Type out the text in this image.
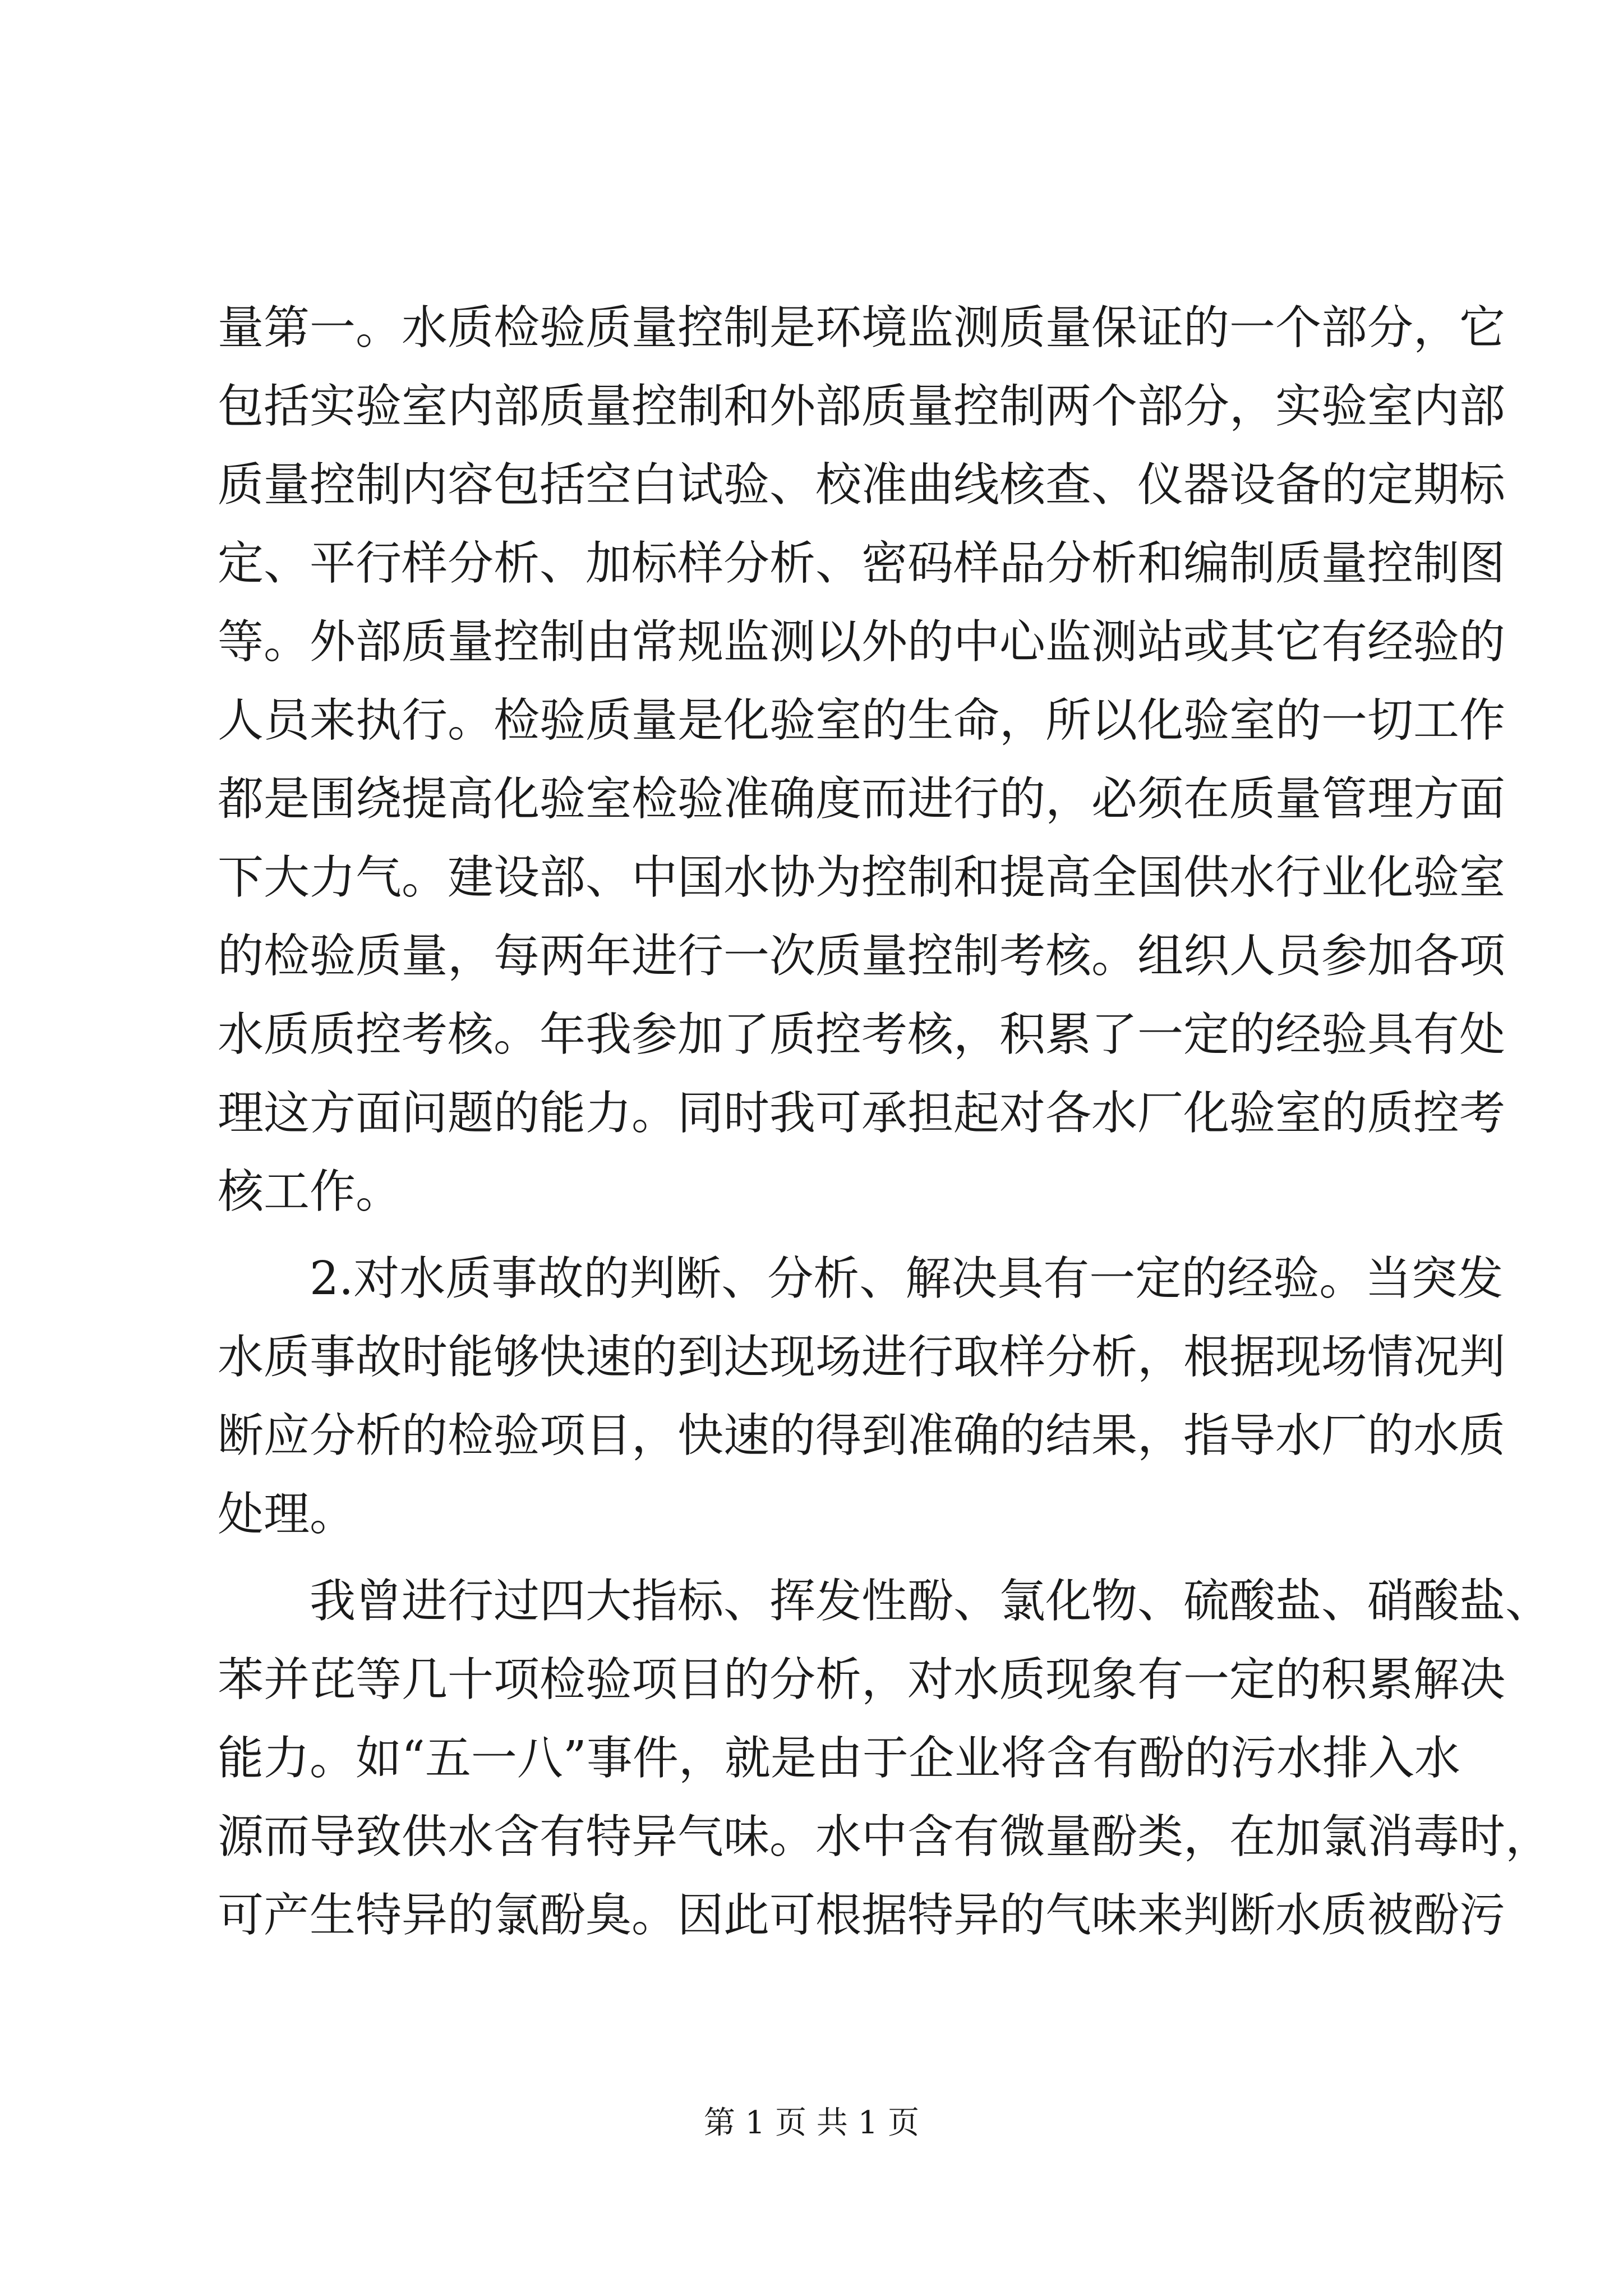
量第一。水质检验质量控制是环境监测质量保证的一个部分，它
包括实验室内部质量控制和外部质量控制两个部分，实验室内部
质量控制内容包括空白试验、校准曲线核查、仪器设备的定期标
定、平行样分析、加标样分析、密码样品分析和编制质量控制图
等。外部质量控制由常规监测以外的中心监测站或其它有经验的
人员来执行。检验质量是化验室的生命，所以化验室的一切工作
都是围绕提高化验室检验准确度而进行的，必须在质量管理方面
下大力气。建设部、中国水协为控制和提高全国供水行业化验室
的检验质量，每两年进行一次质量控制考核。组织人员参加各项
水质质控考核。年我参加了质控考核，积累了一定的经验具有处
理这方面问题的能力。同时我可承担起对各水厂化验室的质控考
核工作。
2.对水质事故的判断、分析、解决具有一定的经验。当突发
水质事故时能够快速的到达现场进行取样分析，根据现场情况判
断应分析的检验项目，快速的得到准确的结果，指导水厂的水质
处理。
我曾进行过四大指标、挥发性酚、氯化物、硫酸盐、硝酸盐、
苯并芘等几十项检验项目的分析，对水质现象有一定的积累解决
能力。如“五一八”事件，就是由于企业将含有酚的污水排入水
源而导致供水含有特异气味。水中含有微量酚类，在加氯消毒时，
可产生特异的氯酚臭。因此可根据特异的气味来判断水质被酚污
第 1 页 共 1 页
